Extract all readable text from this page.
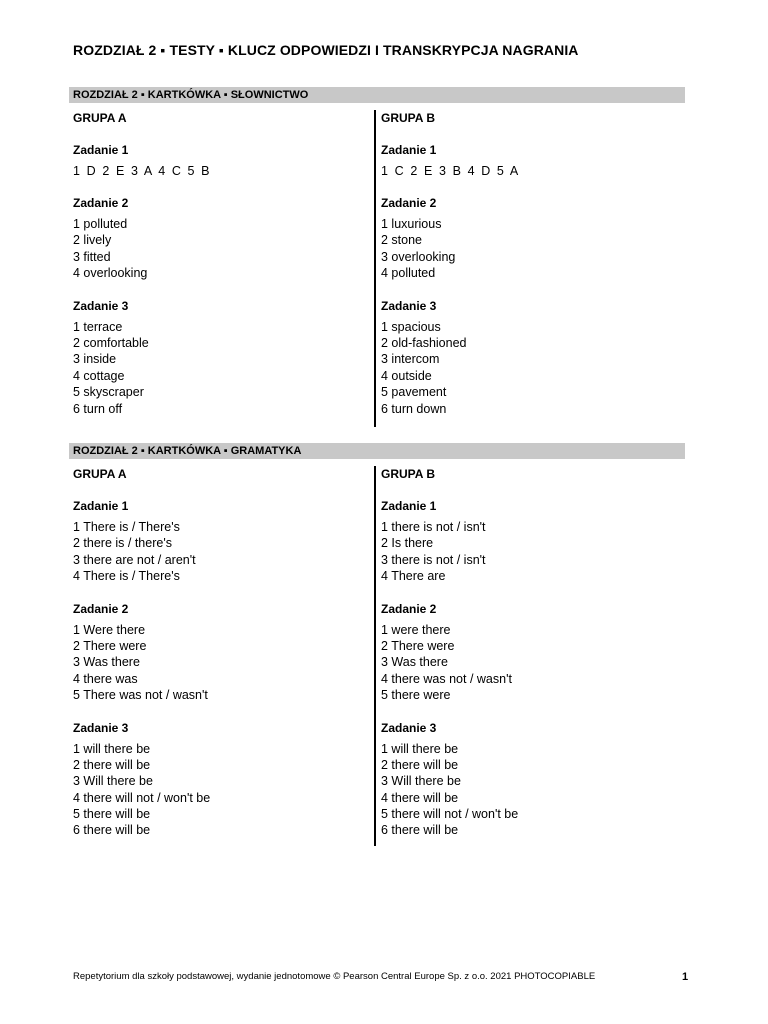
ROZDZIAŁ 2 ▪ TESTY ▪ KLUCZ ODPOWIEDZI I TRANSKRYPCJA NAGRANIA
ROZDZIAŁ 2 ▪ KARTKÓWKA ▪ SŁOWNICTWO
GRUPA A
Zadanie 1
1 D 2 E 3 A 4 C 5 B
Zadanie 2
1 polluted
2 lively
3 fitted
4 overlooking
Zadanie 3
1 terrace
2 comfortable
3 inside
4 cottage
5 skyscraper
6 turn off
GRUPA B
Zadanie 1
1 C 2 E 3 B 4 D 5 A
Zadanie 2
1 luxurious
2 stone
3 overlooking
4 polluted
Zadanie 3
1 spacious
2 old-fashioned
3 intercom
4 outside
5 pavement
6 turn down
ROZDZIAŁ 2 ▪ KARTKÓWKA ▪ GRAMATYKA
GRUPA A
Zadanie 1
1 There is / There's
2 there is / there's
3 there are not / aren't
4 There is / There's
Zadanie 2
1 Were there
2 There were
3 Was there
4 there was
5 There was not / wasn't
Zadanie 3
1 will there be
2 there will be
3 Will there be
4 there will not / won't be
5 there will be
6 there will be
GRUPA B
Zadanie 1
1 there is not / isn't
2 Is there
3 there is not / isn't
4 There are
Zadanie 2
1 were there
2 There were
3 Was there
4 there was not / wasn't
5 there were
Zadanie 3
1 will there be
2 there will be
3 Will there be
4 there will be
5 there will not / won't be
6 there will be
Repetytorium dla szkoły podstawowej, wydanie jednotomowe © Pearson Central Europe Sp. z o.o. 2021 PHOTOCOPIABLE	1
